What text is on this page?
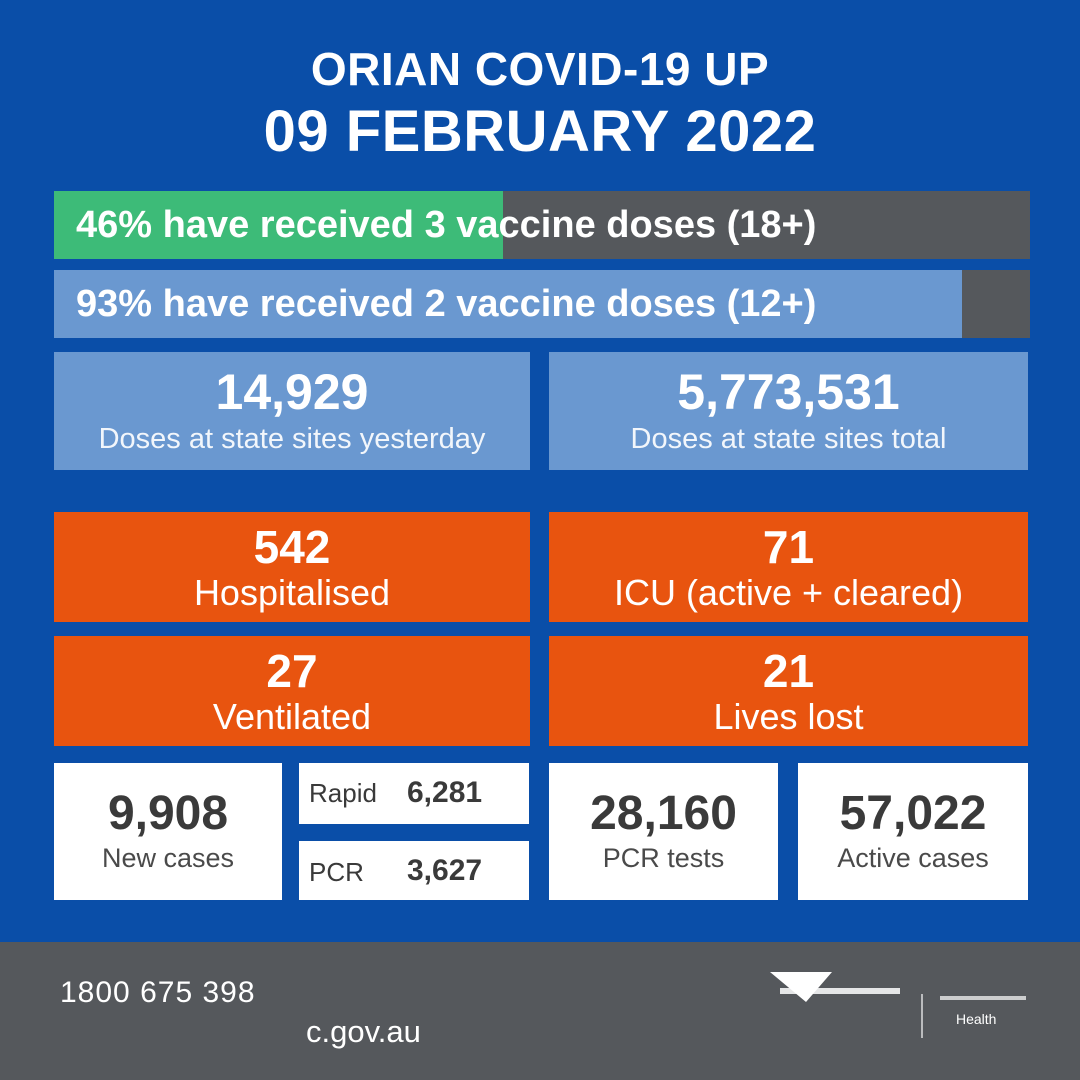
ORIAN COVID-19 UP
09 FEBRUARY 2022
46% have received 3 vaccine doses (18+)
93% have received 2 vaccine doses (12+)
14,929
Doses at state sites yesterday
5,773,531
Doses at state sites total
542
Hospitalised
71
ICU (active + cleared)
27
Ventilated
21
Lives lost
9,908
New cases
Rapid 6,281
PCR 3,627
28,160
PCR tests
57,022
Active cases
1800 675 398
c.gov.au	Health
